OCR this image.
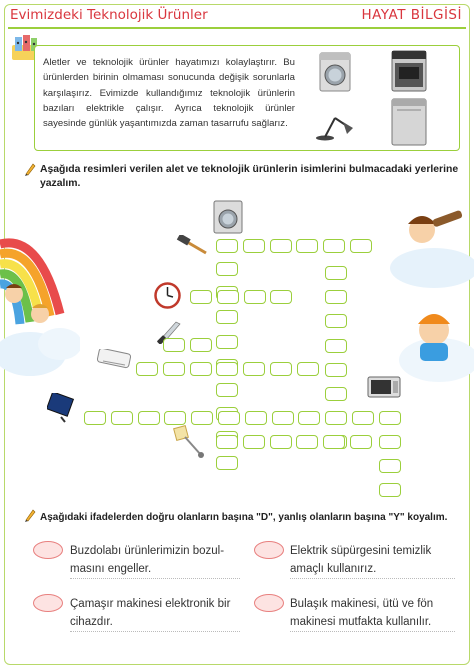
Evimizdeki Teknolojik Ürünler	HAYAT BİLGİSİ
Aletler ve teknolojik ürünler hayatımızı kolaylaştırır. Bu ürünlerden birinin olmaması sonucunda değişik sorunlarla karşılaşırız. Evimizde kullandığımız teknolojik ürünlerin bazıları elektrikle çalışır. Ayrıca teknolojik ürünler sayesinde günlük yaşantımızda zaman tasarrufu sağlarız.
Aşağıda resimleri verilen alet ve teknolojik ürünlerin isimlerini bulmacadaki yerlerine yazalım.
Aşağıdaki ifadelerden doğru olanların başına "D", yanlış olanların başına "Y" koyalım.
Buzdolabı ürünlerimizin bozul-
masını engeller.
Elektrik süpürgesini temizlik
amaçlı kullanırız.
Çamaşır makinesi elektronik bir
cihazdır.
Bulaşık makinesi, ütü ve fön
makinesi mutfakta kullanılır.
